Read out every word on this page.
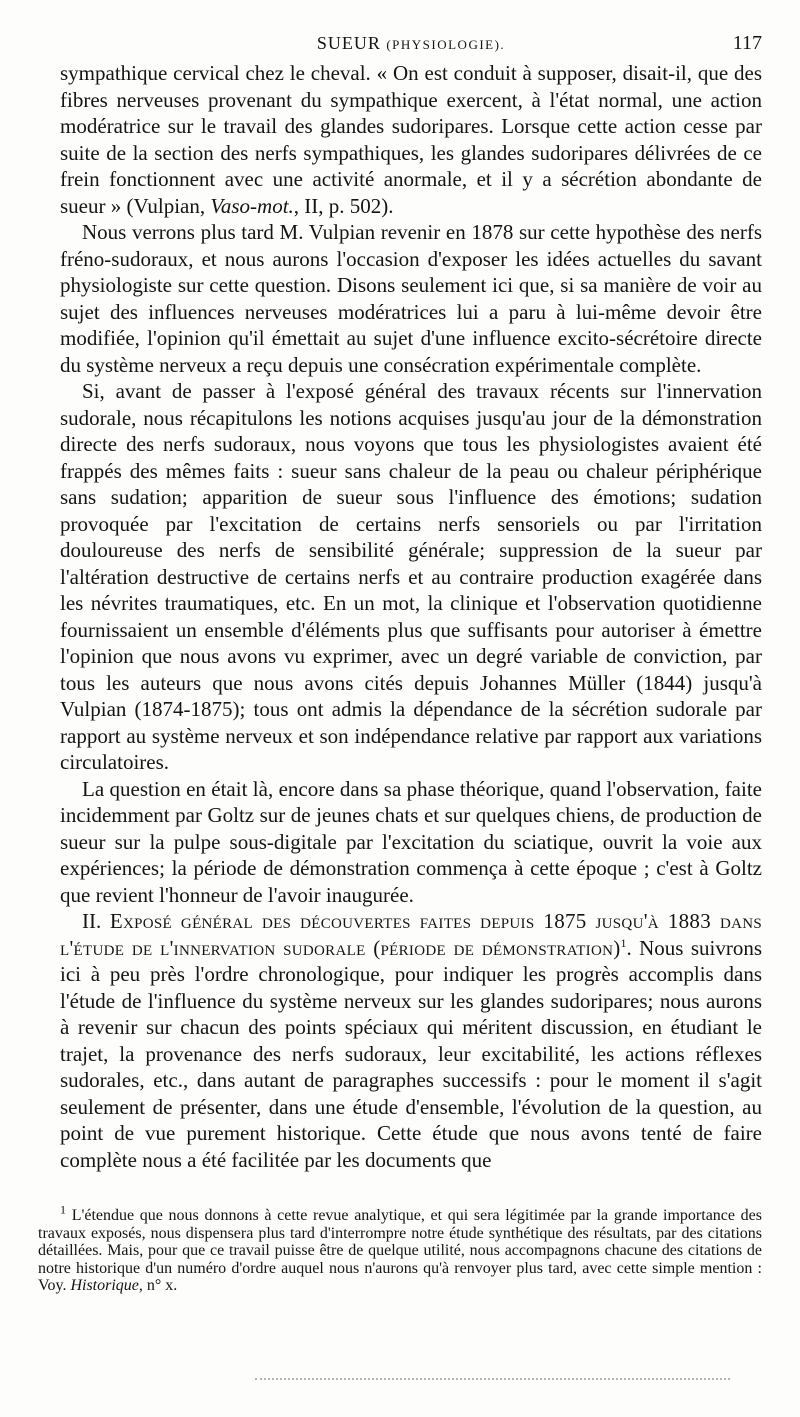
SUEUR (PHYSIOLOGIE).	117

sympathique cervical chez le cheval. « On est conduit à supposer, disait-il, que des fibres nerveuses provenant du sympathique exercent, à l'état normal, une action modératrice sur le travail des glandes sudoripares. Lorsque cette action cesse par suite de la section des nerfs sympathiques, les glandes sudoripares délivrées de ce frein fonctionnent avec une activité anormale, et il y a sécrétion abondante de sueur » (Vulpian, Vaso-mot., II, p. 502).

Nous verrons plus tard M. Vulpian revenir en 1878 sur cette hypothèse des nerfs fréno-sudoraux, et nous aurons l'occasion d'exposer les idées actuelles du savant physiologiste sur cette question. Disons seulement ici que, si sa manière de voir au sujet des influences nerveuses modératrices lui a paru à lui-même devoir être modifiée, l'opinion qu'il émettait au sujet d'une influence excito-sécrétoire directe du système nerveux a reçu depuis une consécration expérimentale complète.

Si, avant de passer à l'exposé général des travaux récents sur l'innervation sudorale, nous récapitulons les notions acquises jusqu'au jour de la démonstration directe des nerfs sudoraux, nous voyons que tous les physiologistes avaient été frappés des mêmes faits : sueur sans chaleur de la peau ou chaleur périphérique sans sudation; apparition de sueur sous l'influence des émotions; sudation provoquée par l'excitation de certains nerfs sensoriels ou par l'irritation douloureuse des nerfs de sensibilité générale; suppression de la sueur par l'altération destructive de certains nerfs et au contraire production exagérée dans les névrites traumatiques, etc. En un mot, la clinique et l'observation quotidienne fournissaient un ensemble d'éléments plus que suffisants pour autoriser à émettre l'opinion que nous avons vu exprimer, avec un degré variable de conviction, par tous les auteurs que nous avons cités depuis Johannes Müller (1844) jusqu'à Vulpian (1874-1875); tous ont admis la dépendance de la sécrétion sudorale par rapport au système nerveux et son indépendance relative par rapport aux variations circulatoires.

La question en était là, encore dans sa phase théorique, quand l'observation, faite incidemment par Goltz sur de jeunes chats et sur quelques chiens, de production de sueur sur la pulpe sous-digitale par l'excitation du sciatique, ouvrit la voie aux expériences; la période de démonstration commença à cette époque ; c'est à Goltz que revient l'honneur de l'avoir inaugurée.

II. Exposé général des découvertes faites depuis 1875 jusqu'à 1883 dans l'étude de l'innervation sudorale (période de démonstration)$^1$. Nous suivrons ici à peu près l'ordre chronologique, pour indiquer les progrès accomplis dans l'étude de l'influence du système nerveux sur les glandes sudoripares; nous aurons à revenir sur chacun des points spéciaux qui méritent discussion, en étudiant le trajet, la provenance des nerfs sudoraux, leur excitabilité, les actions réflexes sudorales, etc., dans autant de paragraphes successifs : pour le moment il s'agit seulement de présenter, dans une étude d'ensemble, l'évolution de la question, au point de vue purement historique. Cette étude que nous avons tenté de faire complète nous a été facilitée par les documents que

$^1$ L'étendue que nous donnons à cette revue analytique, et qui sera légitimée par la grande importance des travaux exposés, nous dispensera plus tard d'interrompre notre étude synthétique des résultats, par des citations détaillées. Mais, pour que ce travail puisse être de quelque utilité, nous accompagnons chacune des citations de notre historique d'un numéro d'ordre auquel nous n'aurons qu'à renvoyer plus tard, avec cette simple mention : Voy. Historique, n° x.
